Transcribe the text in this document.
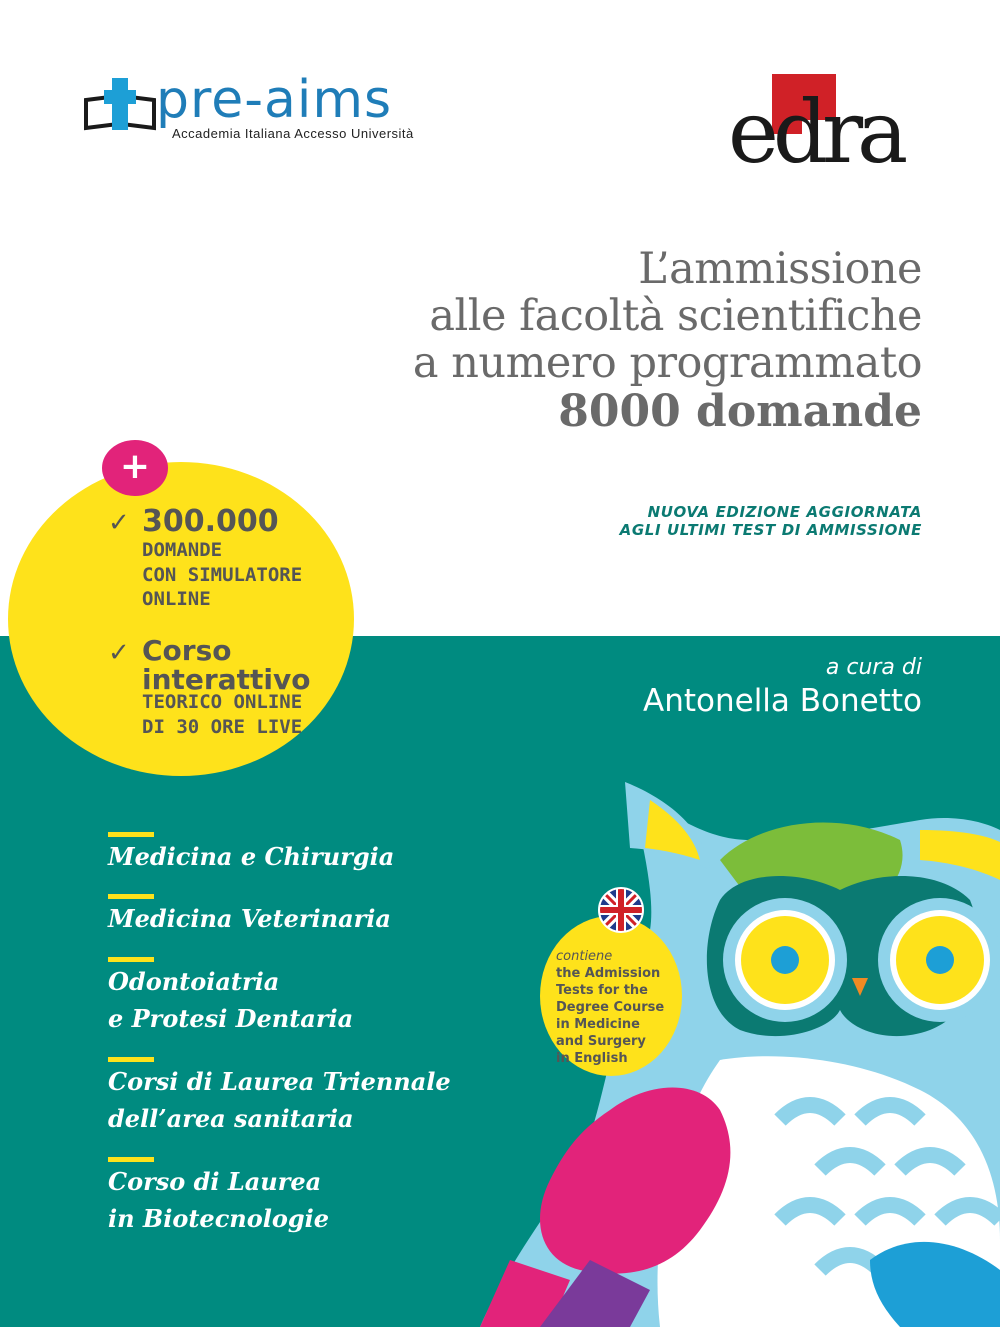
pre-aims
Accademia Italiana Accesso Università	edra
L’ammissione
alle facoltà scientifiche
a numero programmato
8000 domande
NUOVA EDIZIONE AGGIORNATA
AGLI ULTIMI TEST DI AMMISSIONE
contiene
the Admission
Tests for the
Degree Course
in Medicine
and Surgery
in English
+
✓ 300.000
DOMANDE
CON SIMULATORE
ONLINE
✓ Corso
interattivo
TEORICO ONLINE
DI 30 ORE LIVE
a cura di
Antonella Bonetto
Medicina e Chirurgia
Medicina Veterinaria
Odontoiatria
e Protesi Dentaria
Corsi di Laurea Triennale
dell’area sanitaria
Corso di Laurea
in Biotecnologie
